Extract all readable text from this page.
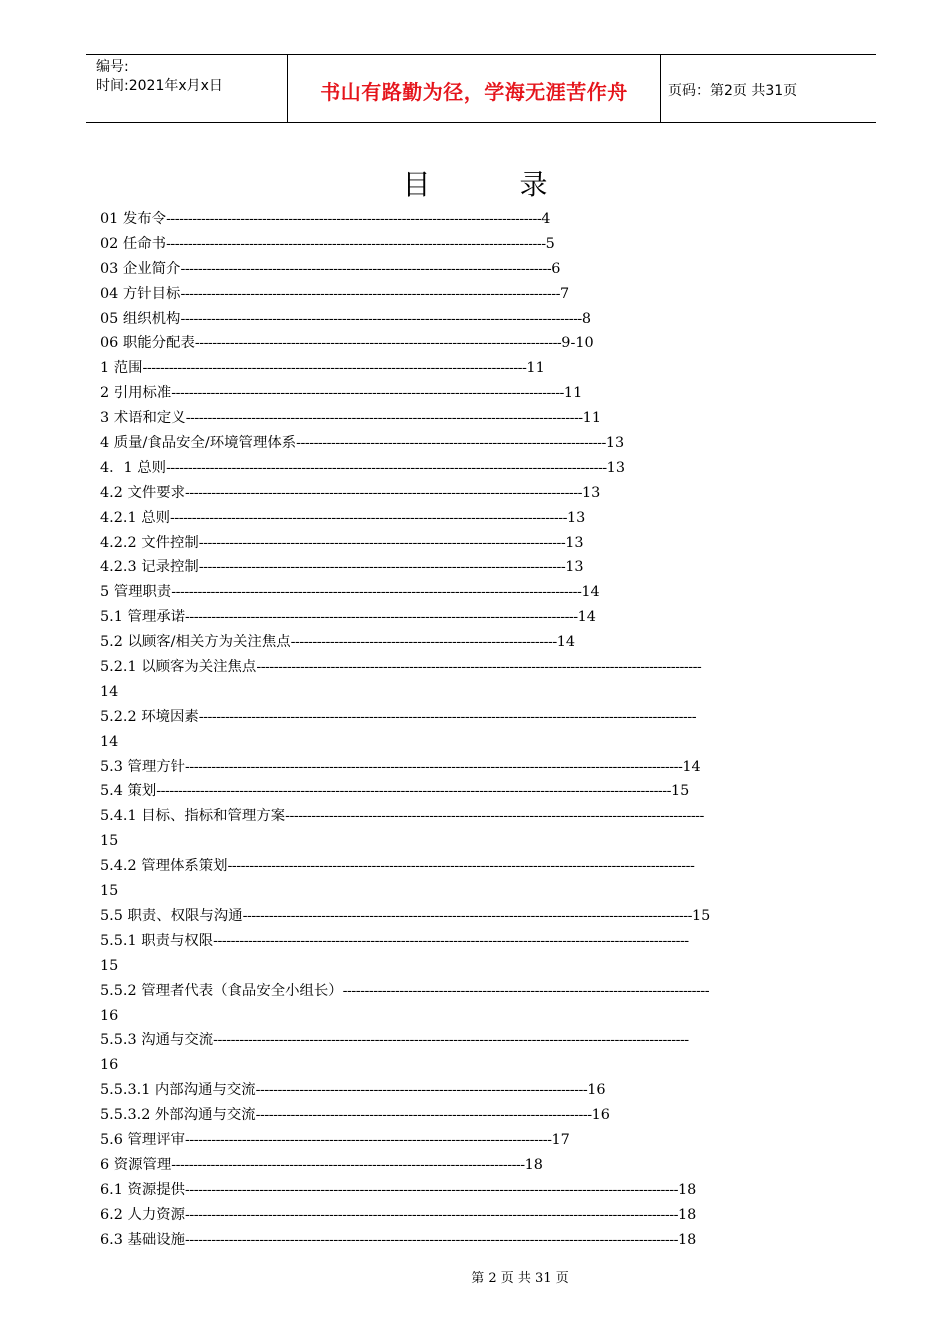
编号:
时间:2021年x月x日	书山有路勤为径，学海无涯苦作舟	页码：第2页 共31页
目	录
01 发布令--------------------------------------------------------------------------------------4
02 任命书---------------------------------------------------------------------------------------5
03 企业简介-------------------------------------------------------------------------------------6
04 方针目标---------------------------------------------------------------------------------------7
05 组织机构--------------------------------------------------------------------------------------------8
06 职能分配表------------------------------------------------------------------------------------9-10
1 范围----------------------------------------------------------------------------------------11
2 引用标准------------------------------------------------------------------------------------------11
3 术语和定义-------------------------------------------------------------------------------------------11
4 质量/食品安全/环境管理体系-----------------------------------------------------------------------13
4．1 总则-----------------------------------------------------------------------------------------------------13
4.2 文件要求-------------------------------------------------------------------------------------------13
4.2.1 总则-------------------------------------------------------------------------------------------13
4.2.2 文件控制------------------------------------------------------------------------------------13
4.2.3 记录控制------------------------------------------------------------------------------------13
5 管理职责----------------------------------------------------------------------------------------------14
5.1 管理承诺------------------------------------------------------------------------------------------14
5.2 以顾客/相关方为关注焦点-------------------------------------------------------------14
5.2.1 以顾客为关注焦点------------------------------------------------------------------------------------------------------
14
5.2.2 环境因素------------------------------------------------------------------------------------------------------------------
14
5.3 管理方针------------------------------------------------------------------------------------------------------------------14
5.4 策划----------------------------------------------------------------------------------------------------------------------15
5.4.1 目标、指标和管理方案------------------------------------------------------------------------------------------------
15
5.4.2 管理体系策划-----------------------------------------------------------------------------------------------------------
15
5.5 职责、权限与沟通-------------------------------------------------------------------------------------------------------15
5.5.1 职责与权限-------------------------------------------------------------------------------------------------------------
15
5.5.2 管理者代表（食品安全小组长）------------------------------------------------------------------------------------
16
5.5.3 沟通与交流-------------------------------------------------------------------------------------------------------------
16
5.5.3.1 内部沟通与交流----------------------------------------------------------------------------16
5.5.3.2 外部沟通与交流-----------------------------------------------------------------------------16
5.6 管理评审------------------------------------------------------------------------------------17
6 资源管理---------------------------------------------------------------------------------18
6.1 资源提供-----------------------------------------------------------------------------------------------------------------18
6.2 人力资源-----------------------------------------------------------------------------------------------------------------18
6.3 基础设施-----------------------------------------------------------------------------------------------------------------18
第 2 页 共 31 页
